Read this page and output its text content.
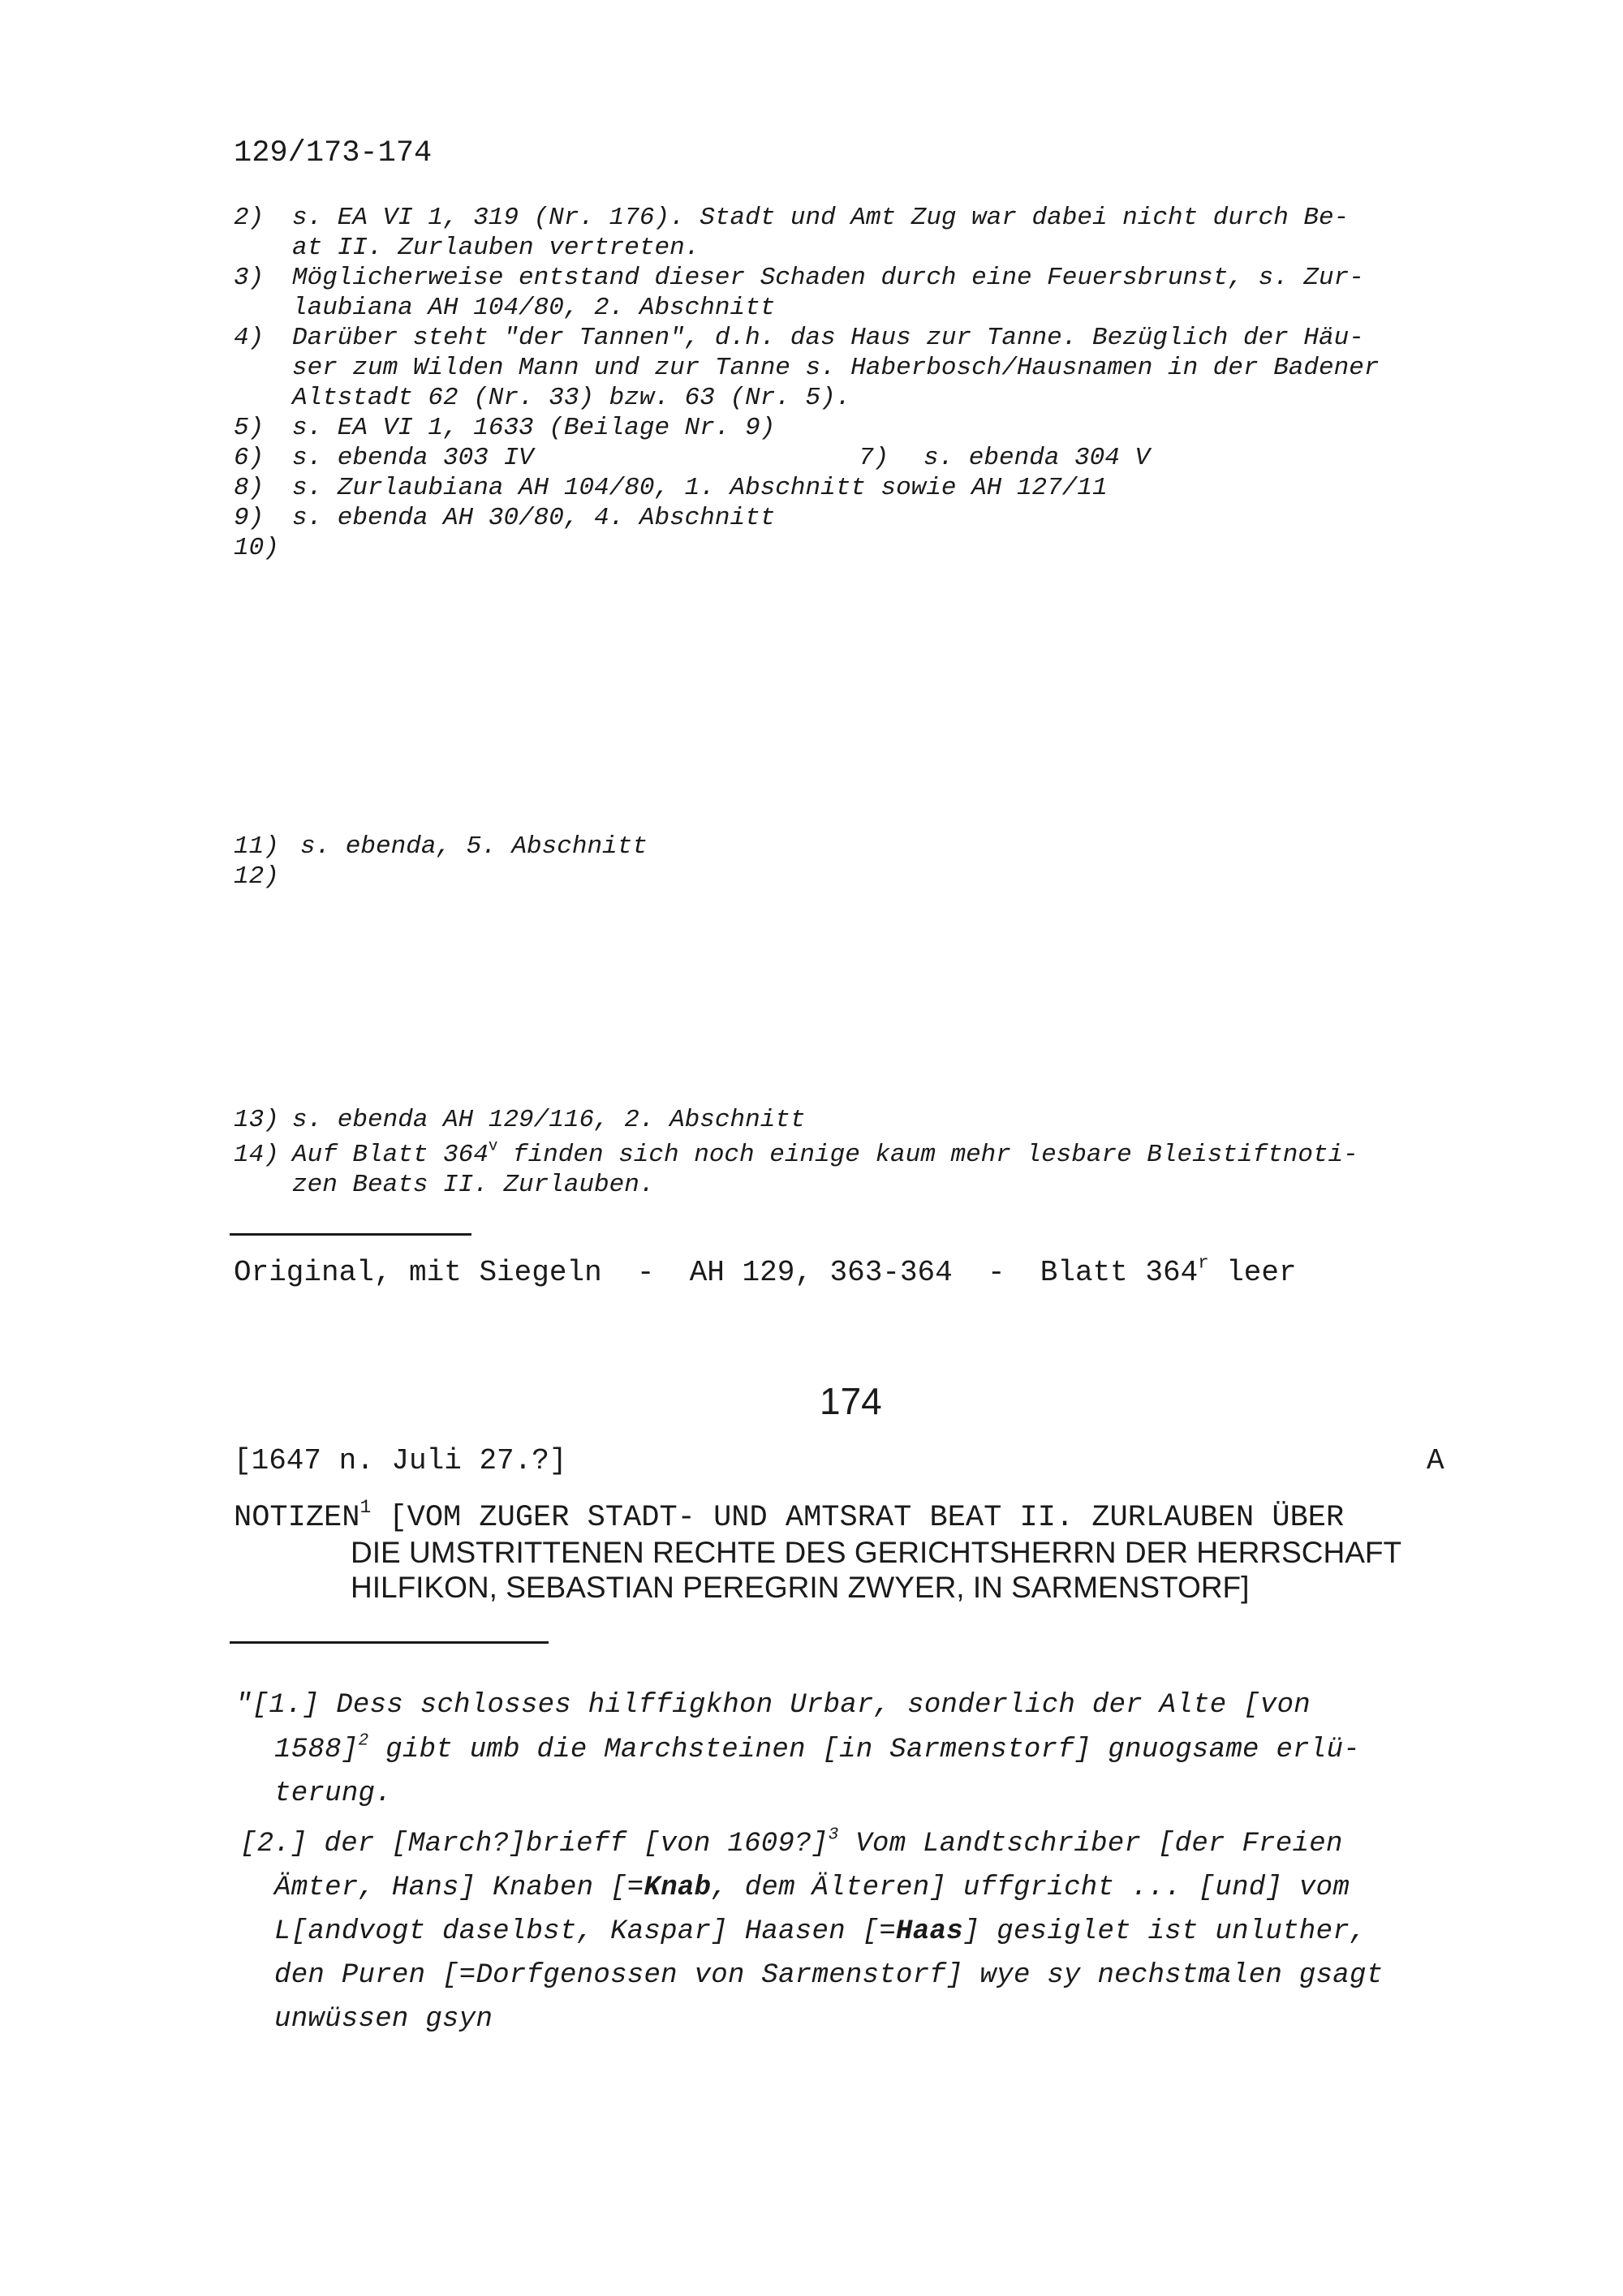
129/173-174
2) s. EA VI 1, 319 (Nr. 176). Stadt und Amt Zug war dabei nicht durch Be-
at II. Zurlauben vertreten.
3) Möglicherweise entstand dieser Schaden durch eine Feuersbrunst, s. Zur-
laubiana AH 104/80, 2. Abschnitt
4) Darüber steht "der Tannen", d.h. das Haus zur Tanne. Bezüglich der Häu-
ser zum Wilden Mann und zur Tanne s. Haberbosch/Hausnamen in der Badener
Altstadt 62 (Nr. 33) bzw. 63 (Nr. 5).
5) s. EA VI 1, 1633 (Beilage Nr. 9)
6) s. ebenda 303 IV	7) s. ebenda 304 V
8) s. Zurlaubiana AH 104/80, 1. Abschnitt sowie AH 127/11
9) s. ebenda AH 30/80, 4. Abschnitt
10)
11) s. ebenda, 5. Abschnitt
12)
13) s. ebenda AH 129/116, 2. Abschnitt
14) Auf Blatt 364$^v$ finden sich noch einige kaum mehr lesbare Bleistiftnoti-
zen Beats II. Zurlauben.
Original, mit Siegeln  -  AH 129, 363-364  -  Blatt 364$^r$ leer
174
[1647 n. Juli 27.?]	A
NOTIZEN$^1$ [VOM ZUGER STADT- UND AMTSRAT BEAT II. ZURLAUBEN ÜBER
DIE UMSTRITTENEN RECHTE DES GERICHTSHERRN DER HERRSCHAFT
HILFIKON, SEBASTIAN PEREGRIN ZWYER, IN SARMENSTORF]
"[1.] Dess schlosses hilffigkhon Urbar, sonderlich der Alte [von
1588]$^2$ gibt umb die Marchsteinen [in Sarmenstorf] gnuogsame erlü-
terung.
[2.] der [March?]brieff [von 1609?]$^3$ Vom Landtschriber [der Freien
Ämter, Hans] Knaben [=Knab, dem Älteren] uffgricht ... [und] vom
L[andvogt daselbst, Kaspar] Haasen [=Haas] gesiglet ist unluther,
den Puren [=Dorfgenossen von Sarmenstorf] wye sy nechstmalen gsagt
unwüssen gsyn
